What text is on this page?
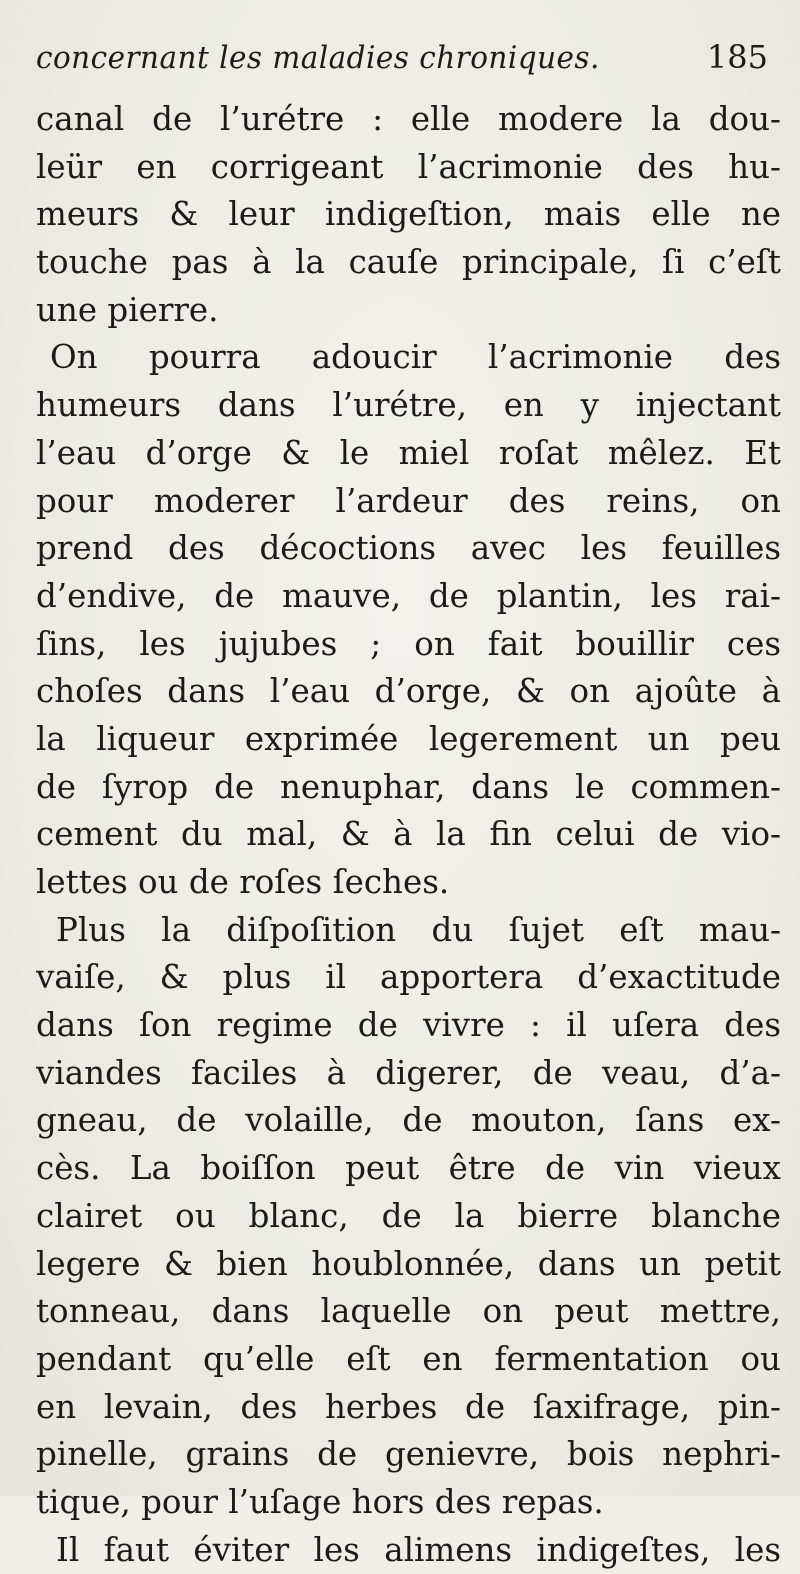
concernant les maladies chroniques.	185
canal de l’urétre : elle modere la dou-
leür en corrigeant l’acrimonie des hu-
meurs & leur indigeſtion, mais elle ne
touche pas à la cauſe principale, ſi c’eſt
une pierre.
On pourra adoucir l’acrimonie des
humeurs dans l’urétre, en y injectant
l’eau d’orge & le miel roſat mêlez. Et
pour moderer l’ardeur des reins, on
prend des décoctions avec les feuilles
d’endive, de mauve, de plantin, les rai-
ſins, les jujubes ; on fait bouillir ces
choſes dans l’eau d’orge, & on ajoûte à
la liqueur exprimée legerement un peu
de ſyrop de nenuphar, dans le commen-
cement du mal, & à la fin celui de vio-
lettes ou de roſes ſeches.
Plus la diſpoſition du ſujet eſt mau-
vaiſe, & plus il apportera d’exactitude
dans ſon regime de vivre : il uſera des
viandes faciles à digerer, de veau, d’a-
gneau, de volaille, de mouton, ſans ex-
cès. La boiſſon peut être de vin vieux
clairet ou blanc, de la bierre blanche
legere & bien houblonnée, dans un petit
tonneau, dans laquelle on peut mettre,
pendant qu’elle eſt en fermentation ou
en levain, des herbes de ſaxifrage, pin-
pinelle, grains de genievre, bois nephri-
tique, pour l’uſage hors des repas.
Il faut éviter les alimens indigeſtes, les
